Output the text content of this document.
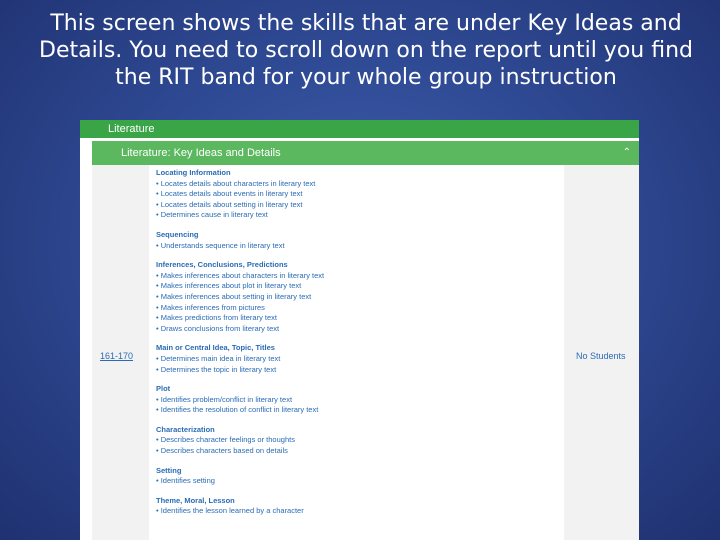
This screen shows the skills that are under Key Ideas and Details. You need to scroll down on the report until you find the RIT band for your whole group instruction
Literature
Literature: Key Ideas and Details	⌃
161-170	No Students
Locating Information
• Locates details about characters in literary text
• Locates details about events in literary text
• Locates details about setting in literary text
• Determines cause in literary text
Sequencing
• Understands sequence in literary text
Inferences, Conclusions, Predictions
• Makes inferences about characters in literary text
• Makes inferences about plot in literary text
• Makes inferences about setting in literary text
• Makes inferences from pictures
• Makes predictions from literary text
• Draws conclusions from literary text
Main or Central Idea, Topic, Titles
• Determines main idea in literary text
• Determines the topic in literary text
Plot
• Identifies problem/conflict in literary text
• Identifies the resolution of conflict in literary text
Characterization
• Describes character feelings or thoughts
• Describes characters based on details
Setting
• Identifies setting
Theme, Moral, Lesson
• Identifies the lesson learned by a character
